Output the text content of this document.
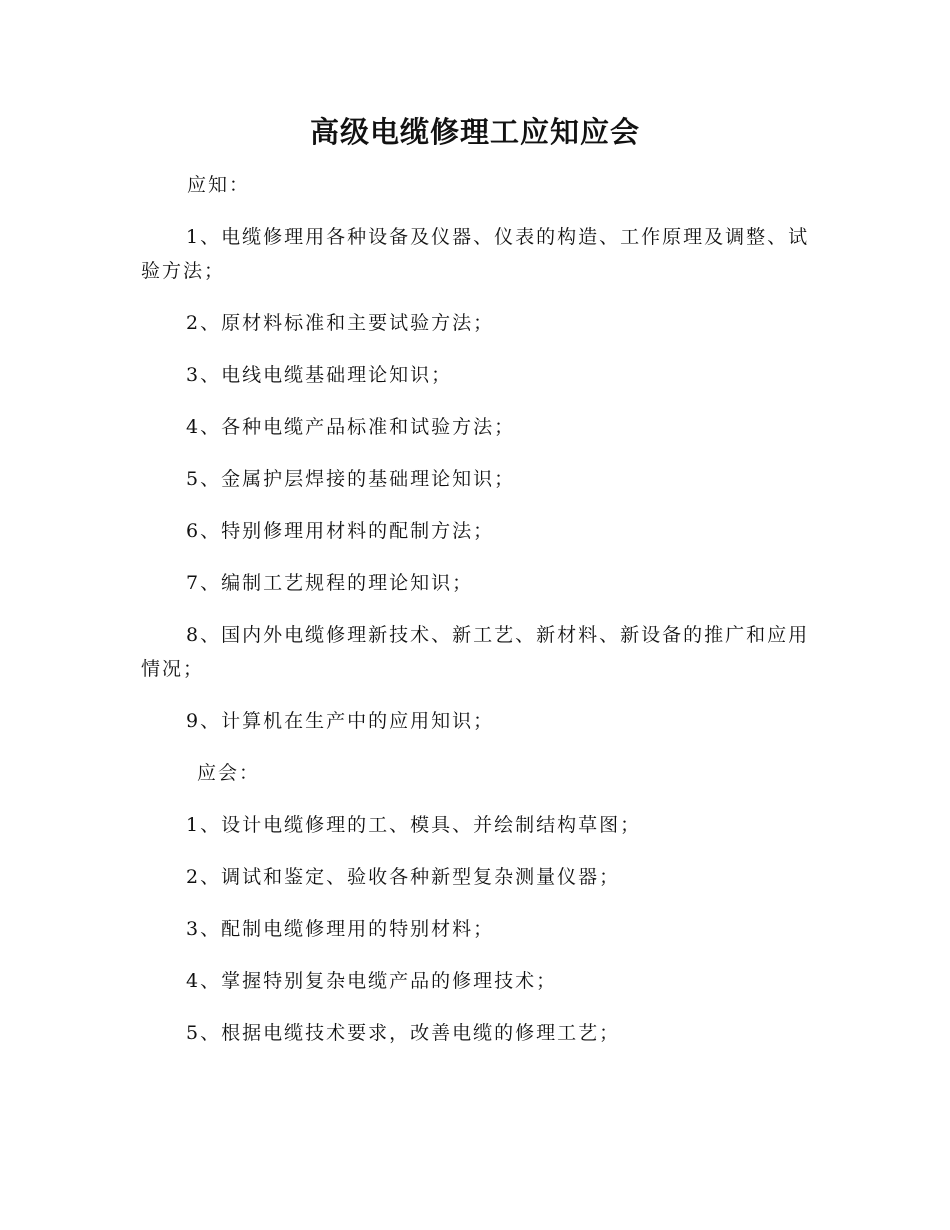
高级电缆修理工应知应会

应知：

1、电缆修理用各种设备及仪器、仪表的构造、工作原理及调整、试验方法；

2、原材料标准和主要试验方法；

3、电线电缆基础理论知识；

4、各种电缆产品标准和试验方法；

5、金属护层焊接的基础理论知识；

6、特别修理用材料的配制方法；

7、编制工艺规程的理论知识；

8、国内外电缆修理新技术、新工艺、新材料、新设备的推广和应用情况；

9、计算机在生产中的应用知识；

应会：

1、设计电缆修理的工、模具、并绘制结构草图；

2、调试和鉴定、验收各种新型复杂测量仪器；

3、配制电缆修理用的特别材料；

4、掌握特别复杂电缆产品的修理技术；

5、根据电缆技术要求，改善电缆的修理工艺；
